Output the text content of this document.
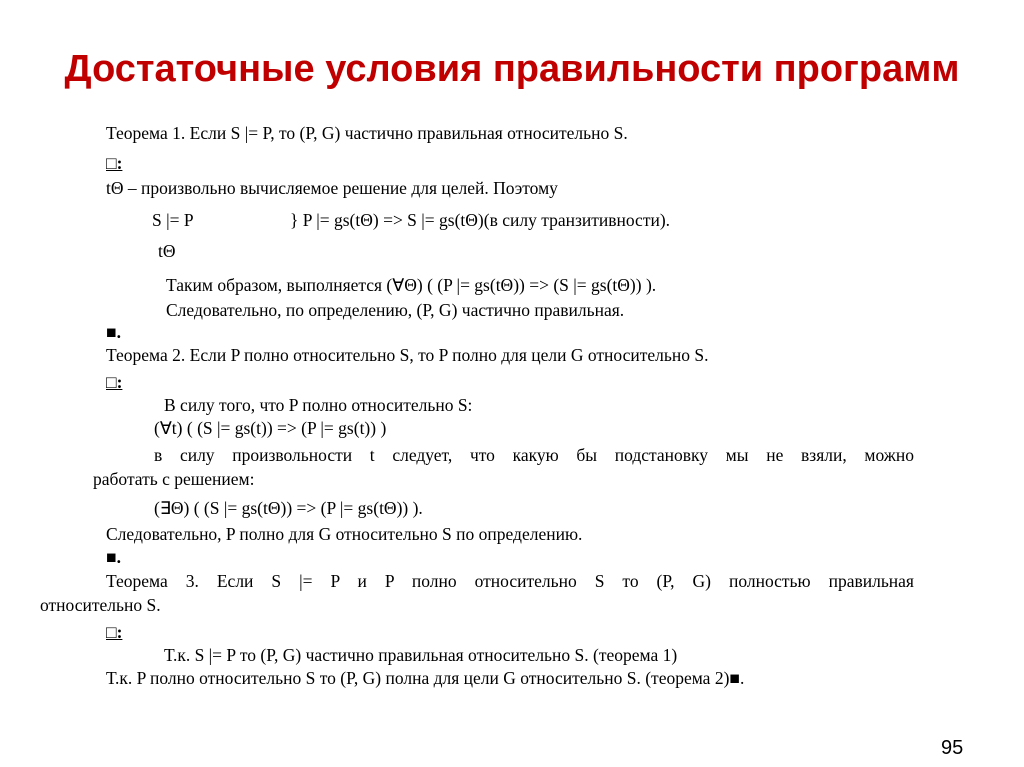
Достаточные условия правильности программ
Теорема 1. Если S |= P, то (P, G) частично правильная относительно S.
□:
tΘ – произвольно вычисляемое решение для целей. Поэтому
S |= P	} P |= gs(tΘ) => S |= gs(tΘ)(в силу транзитивности).
tΘ
Таким образом, выполняется (∀Θ) ( (P |= gs(tΘ)) => (S |= gs(tΘ)) ).
Следовательно, по определению, (P, G) частично правильная.
■.
Теорема 2. Если P полно относительно S, то P полно для цели G относительно S.
□:
В силу того, что P полно относительно S:
(∀t) ( (S |= gs(t)) => (P |= gs(t)) )
в силу произвольности t следует, что какую бы подстановку мы не взяли, можно
работать с решением:
(∃Θ) ( (S |= gs(tΘ)) => (P |= gs(tΘ)) ).
Следовательно, P полно для G относительно S по определению.
■.
Теорема 3. Если S |= P и P полно относительно S то (P, G) полностью правильная
относительно S.
□:
Т.к. S |= P то (P, G) частично правильная относительно S. (теорема 1)
Т.к. P полно относительно S то (P, G) полна для цели G относительно S. (теорема 2)■.
95
